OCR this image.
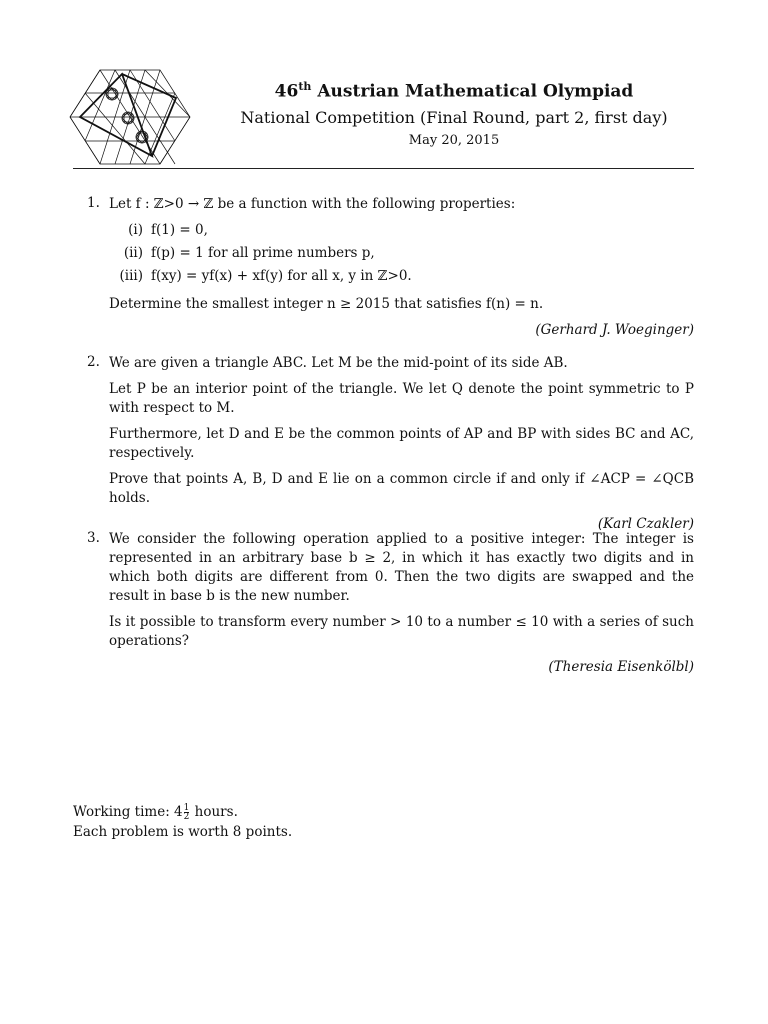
46th Austrian Mathematical Olympiad
National Competition (Final Round, part 2, first day)
May 20, 2015
1. Let f : ℤ>0 → ℤ be a function with the following properties:

(i) f(1) = 0,
(ii) f(p) = 1 for all prime numbers p,
(iii) f(xy) = yf(x) + xf(y) for all x, y in ℤ>0.

Determine the smallest integer n ≥ 2015 that satisfies f(n) = n.

(Gerhard J. Woeginger)
2. We are given a triangle ABC. Let M be the mid-point of its side AB.

Let P be an interior point of the triangle. We let Q denote the point symmetric to P with respect to M.

Furthermore, let D and E be the common points of AP and BP with sides BC and AC, respectively.

Prove that points A, B, D and E lie on a common circle if and only if ∠ACP = ∠QCB holds.

(Karl Czakler)
3. We consider the following operation applied to a positive integer: The integer is represented in an arbitrary base b ≥ 2, in which it has exactly two digits and in which both digits are different from 0. Then the two digits are swapped and the result in base b is the new number.

Is it possible to transform every number > 10 to a number ≤ 10 with a series of such operations?

(Theresia Eisenkölbl)
Working time: $4 \frac{1}{2}$ hours.
Each problem is worth 8 points.
